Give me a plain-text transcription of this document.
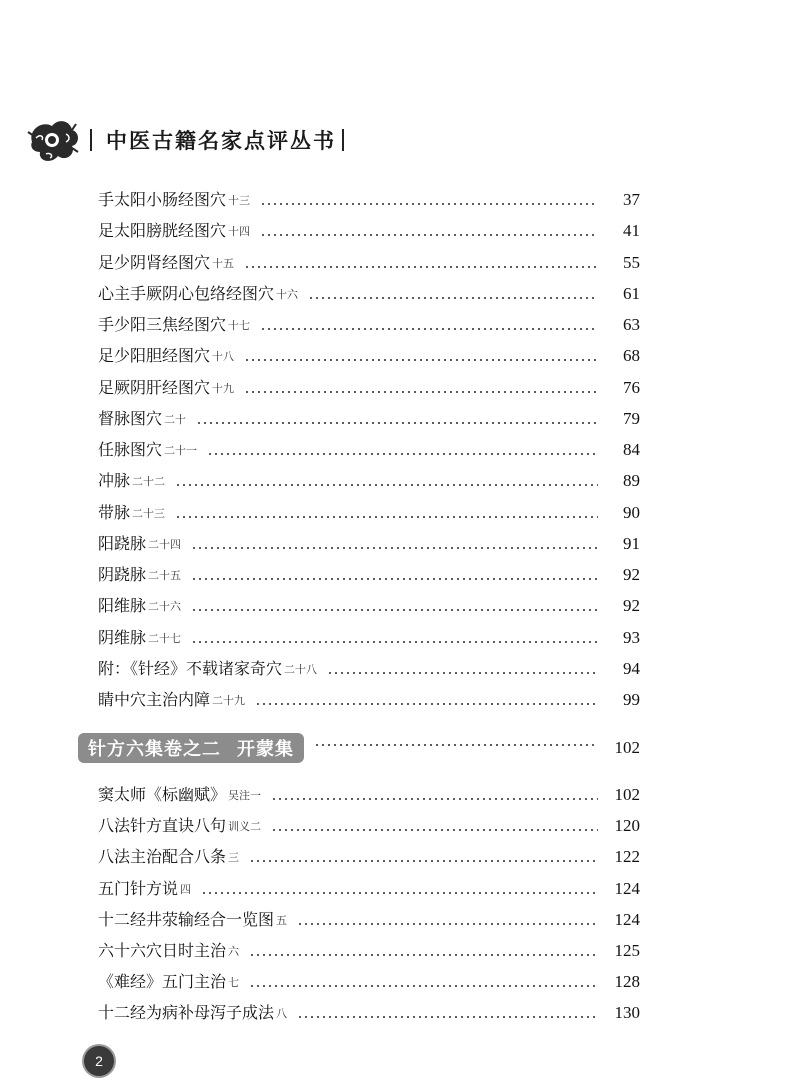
中医古籍名家点评丛书
手太阳小肠经图穴 十三	37
足太阳膀胱经图穴 十四	41
足少阴肾经图穴 十五	55
心主手厥阴心包络经图穴 十六	61
手少阳三焦经图穴 十七	63
足少阳胆经图穴 十八	68
足厥阴肝经图穴 十九	76
督脉图穴 二十	79
任脉图穴 二十一	84
冲脉 二十二	89
带脉 二十三	90
阳跷脉 二十四	91
阴跷脉 二十五	92
阳维脉 二十六	92
阴维脉 二十七	93
附：《针经》不载诸家奇穴 二十八	94
睛中穴主治内障 二十九	99
针方六集卷之二 开蒙集	102
窦太师《标幽赋》 吴注一	102
八法针方直诀八句 训义二	120
八法主治配合八条 三	122
五门针方说 四	124
十二经井荥输经合一览图 五	124
六十六穴日时主治 六	125
《难经》五门主治 七	128
十二经为病补母泻子成法 八	130
2
